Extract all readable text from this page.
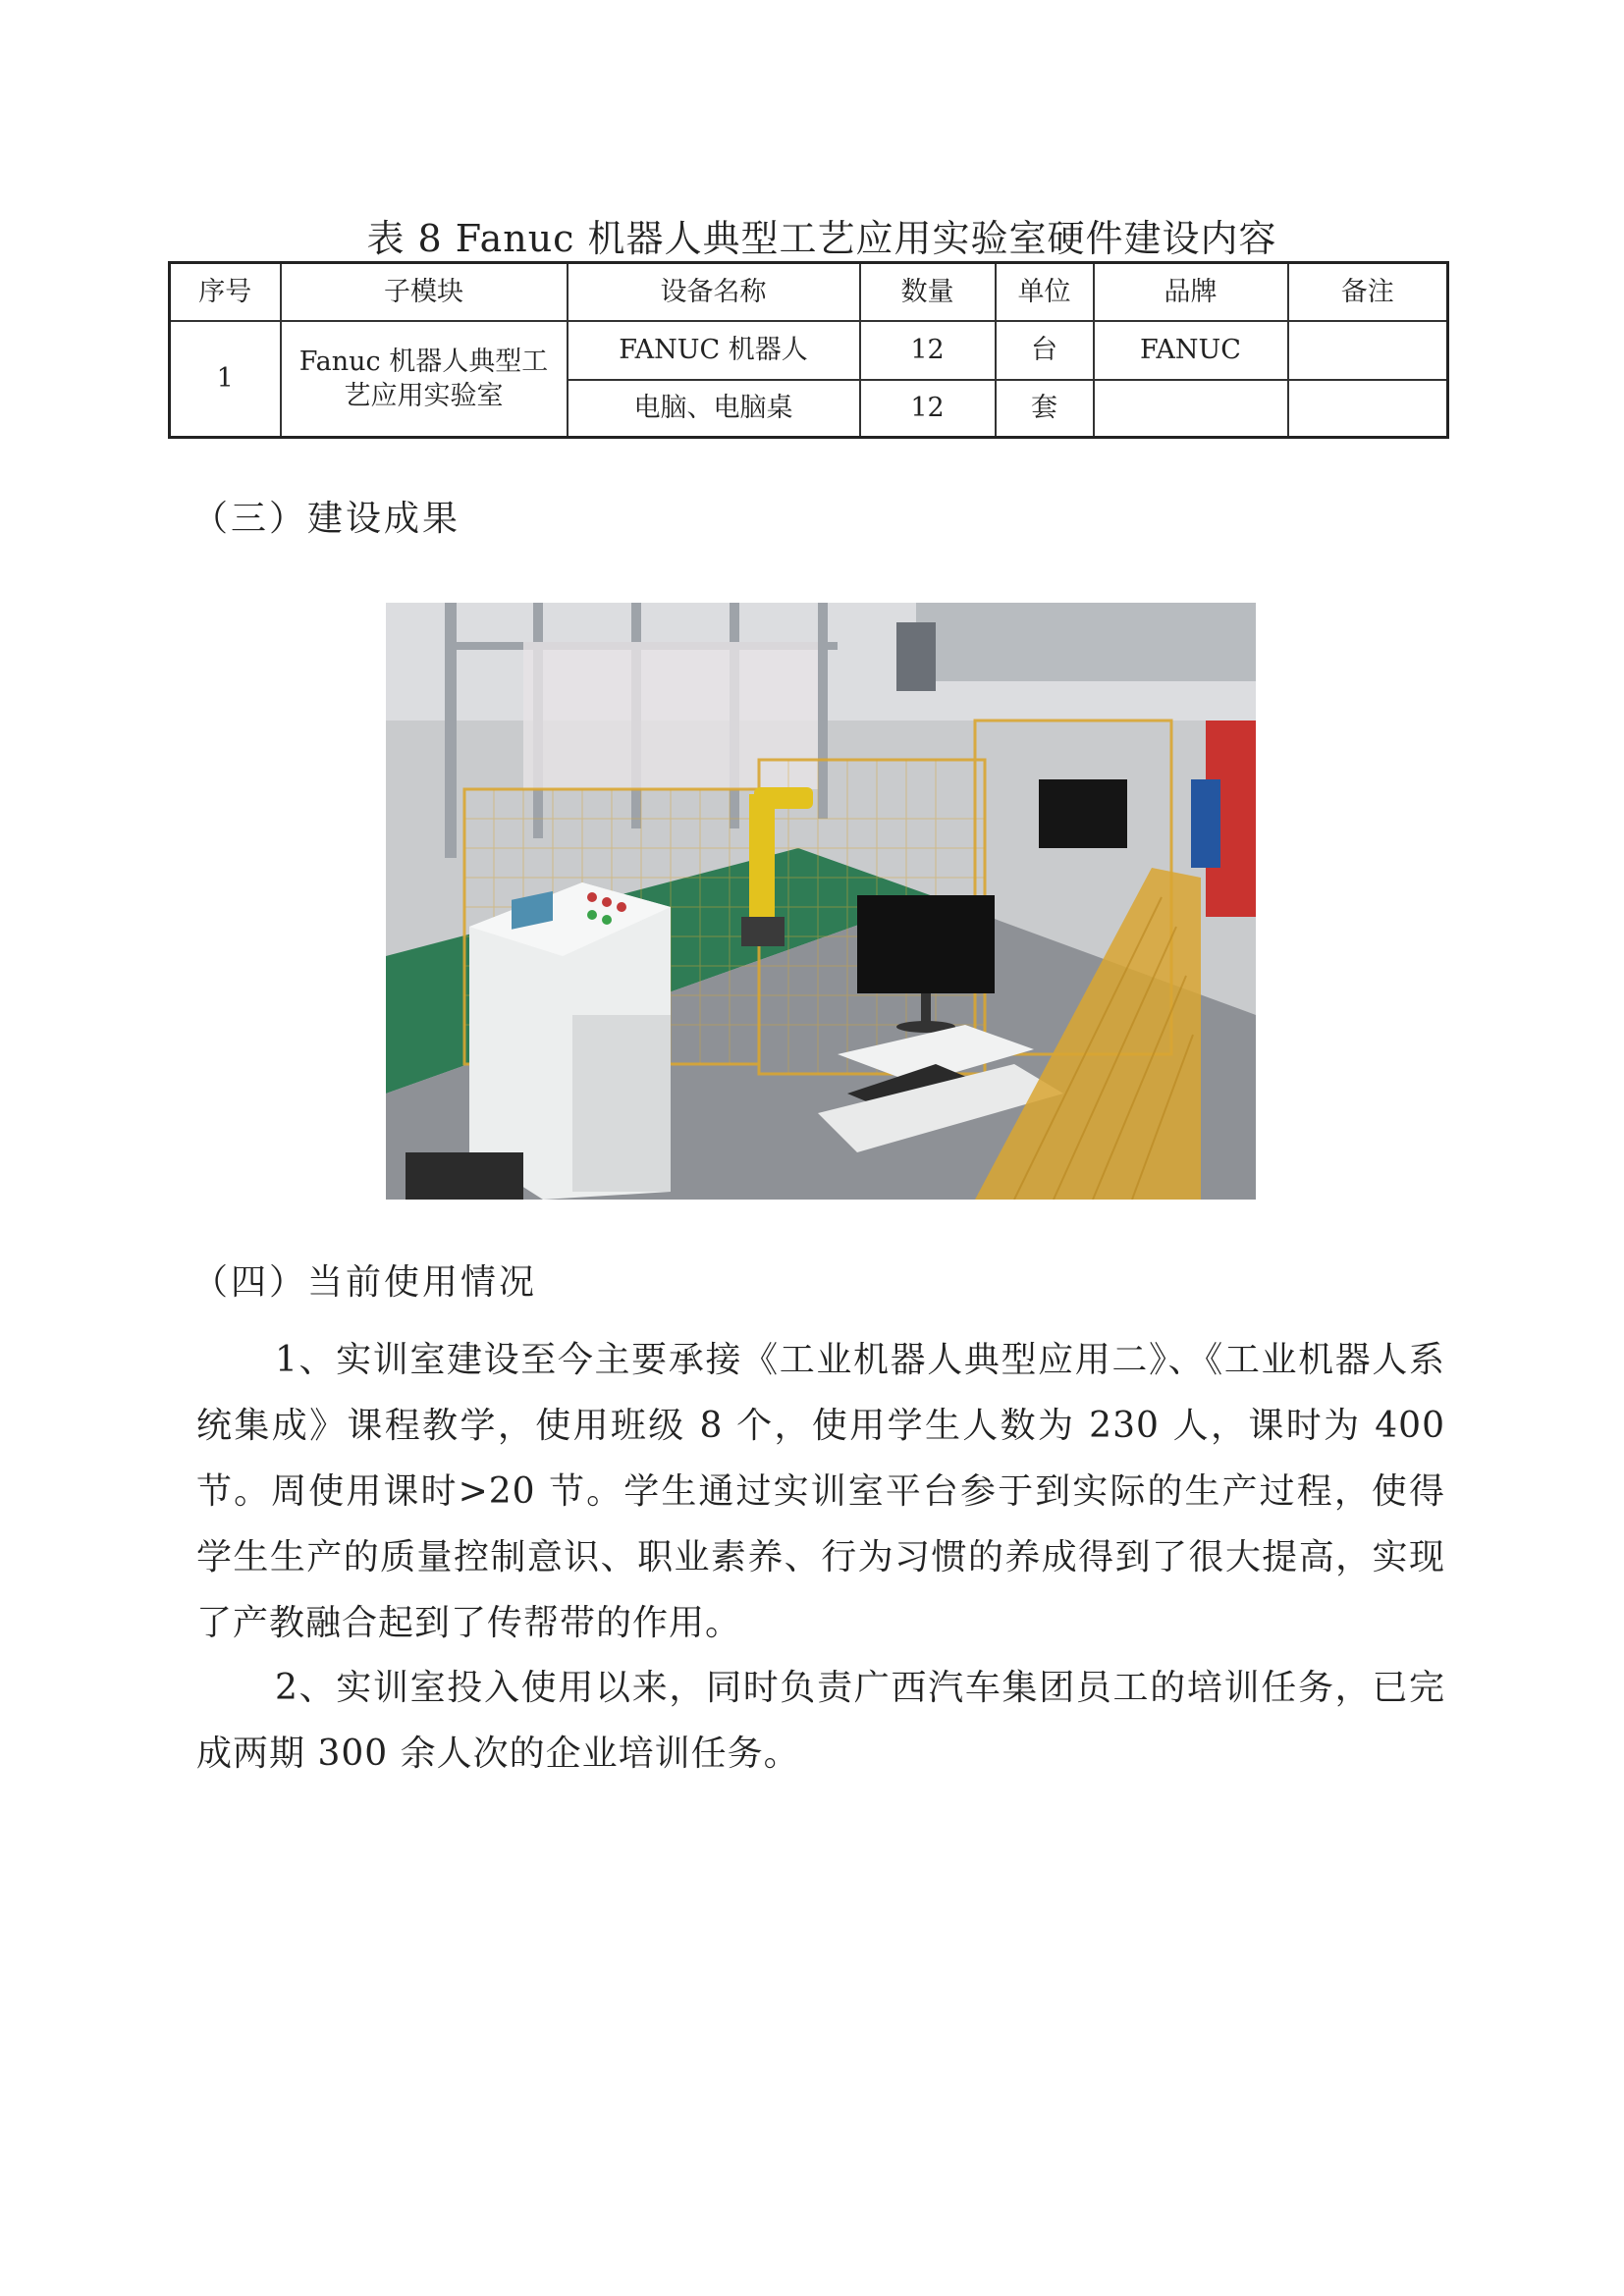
表 8 Fanuc 机器人典型工艺应用实验室硬件建设内容
序号	子模块	设备名称	数量	单位	品牌	备注
1	Fanuc 机器人典型工艺应用实验室	FANUC 机器人	12	台	FANUC	
		电脑、电脑桌	12	套		
（三）建设成果
（四）当前使用情况

1、实训室建设至今主要承接《工业机器人典型应用二》、《工业机器人系统集成》课程教学，使用班级 8 个，使用学生人数为 230 人，课时为 400 节。周使用课时>20 节。学生通过实训室平台参于到实际的生产过程，使得学生生产的质量控制意识、职业素养、行为习惯的养成得到了很大提高，实现了产教融合起到了传帮带的作用。

2、实训室投入使用以来，同时负责广西汽车集团员工的培训任务，已完成两期 300 余人次的企业培训任务。
